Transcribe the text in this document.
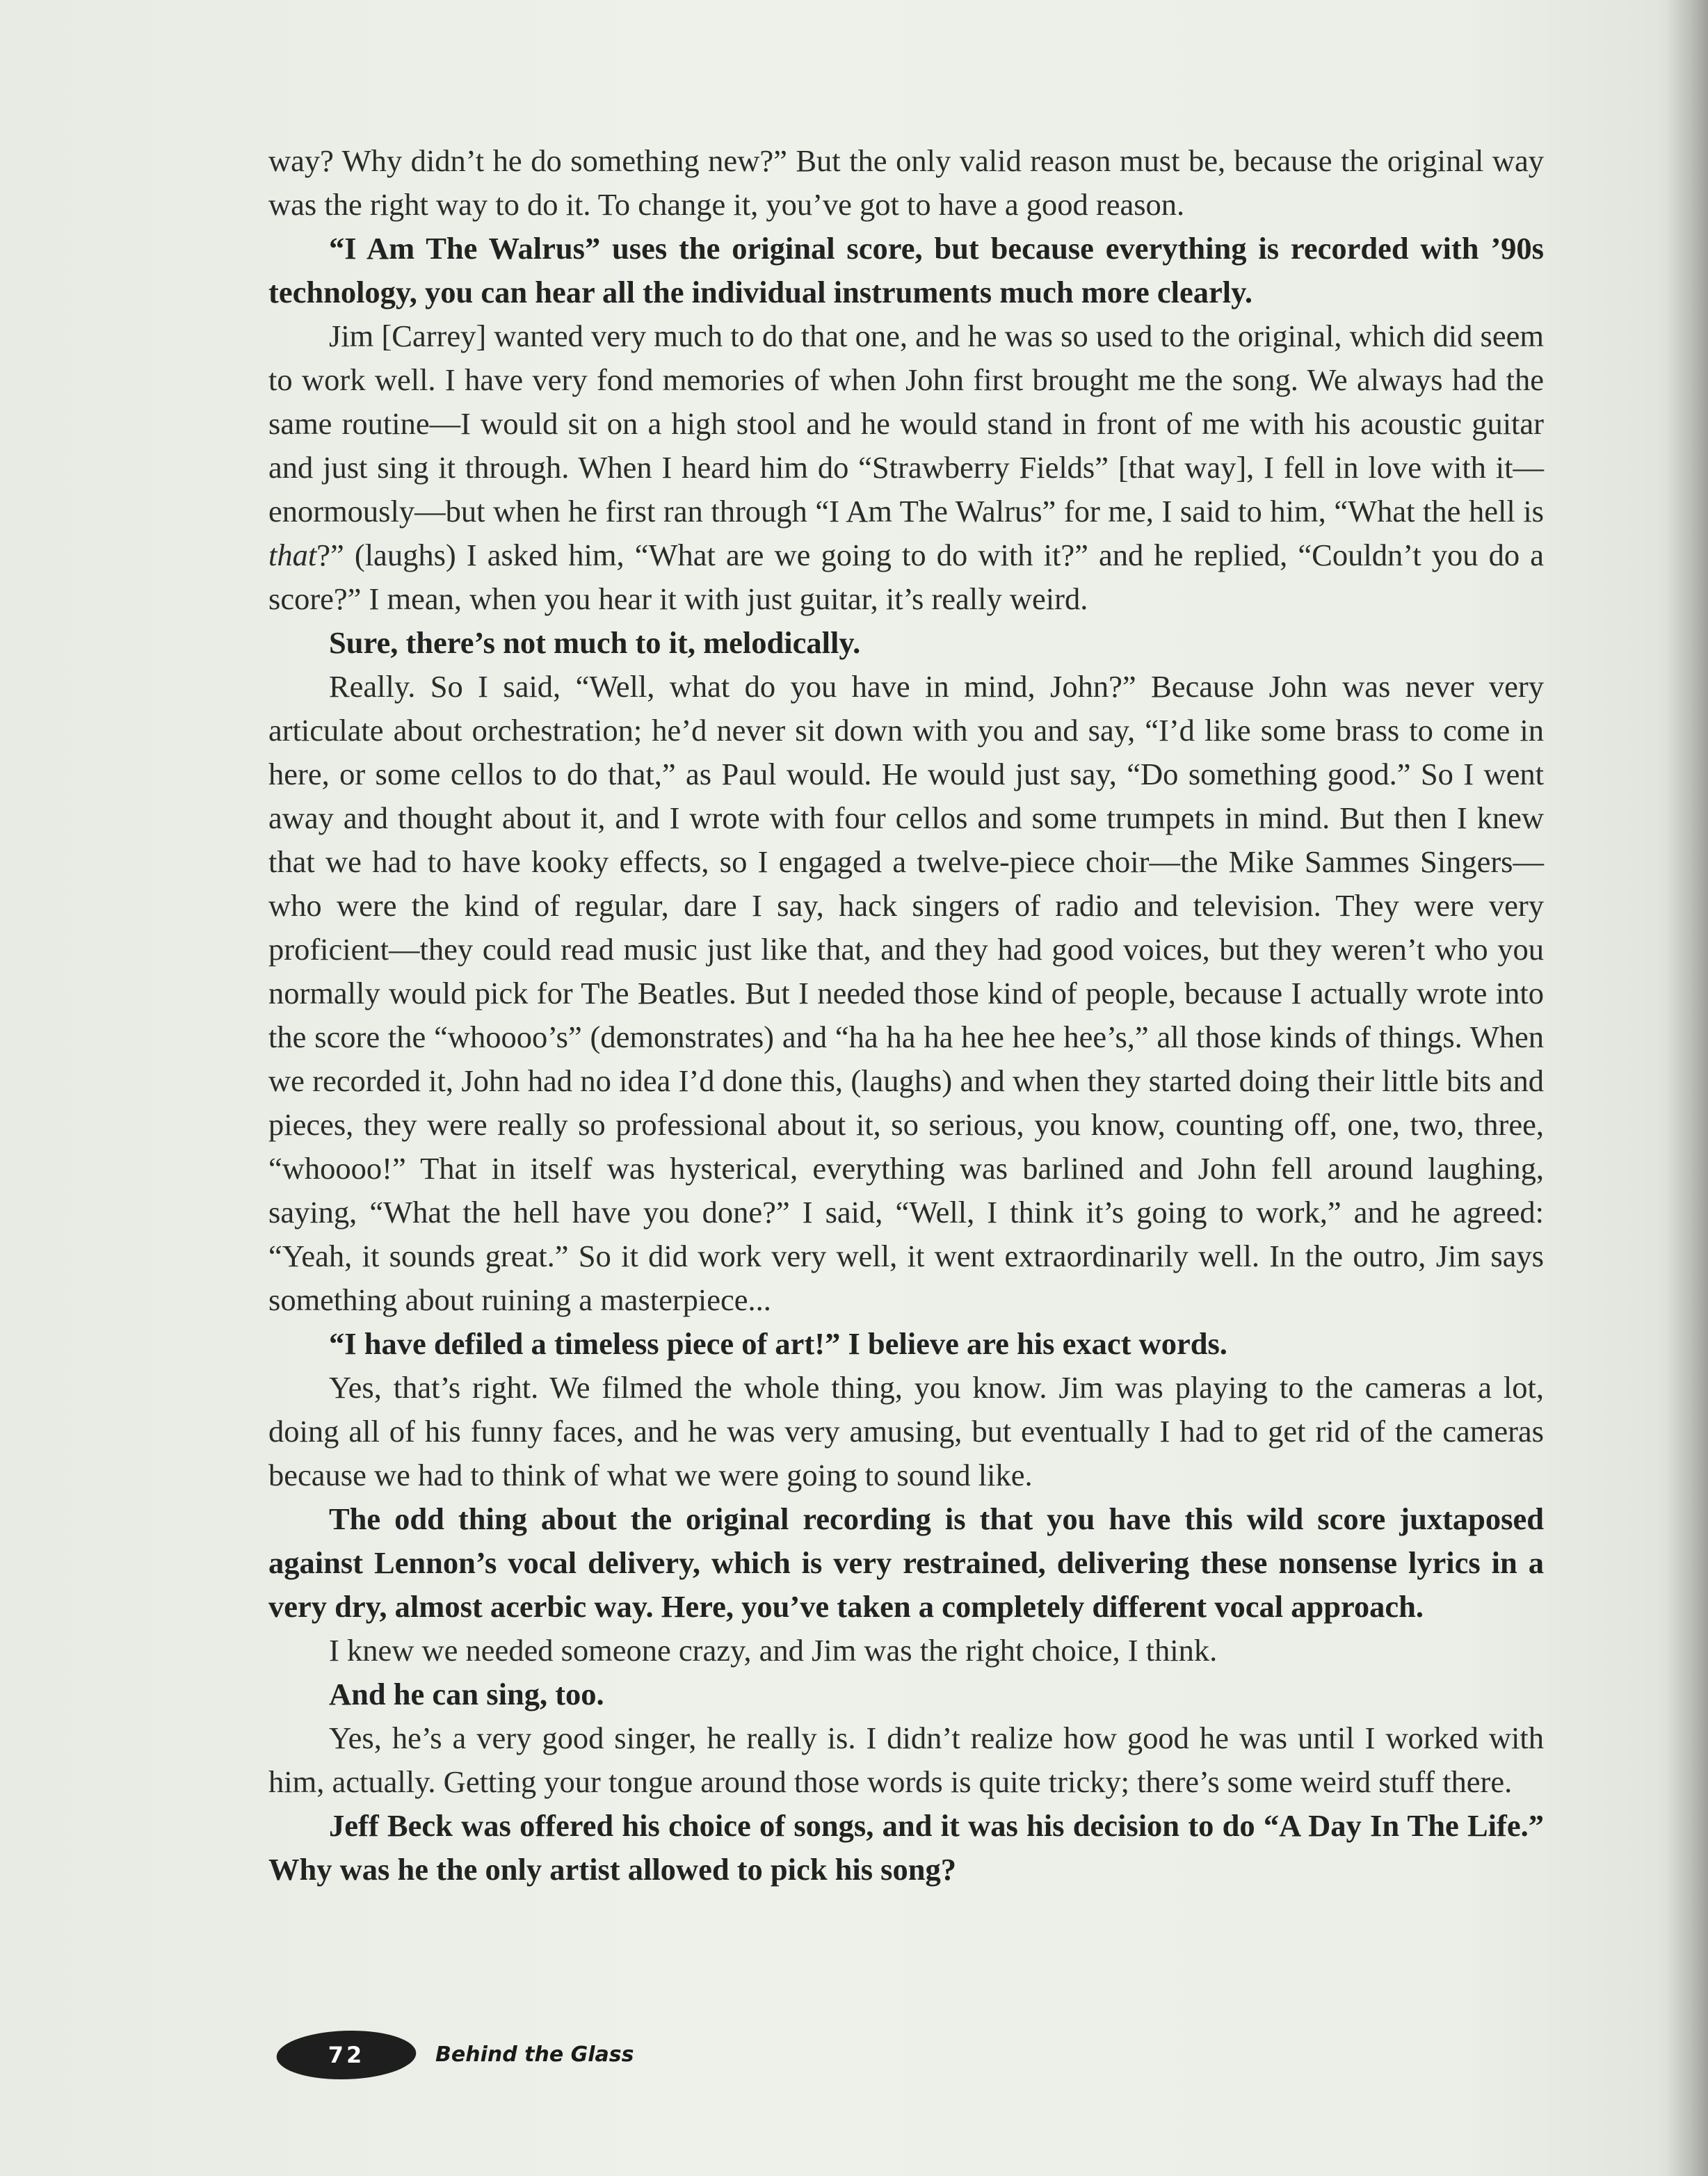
way? Why didn’t he do something new?” But the only valid reason must be, because the original way was the right way to do it. To change it, you’ve got to have a good reason.

“I Am The Walrus” uses the original score, but because everything is recorded with ’90s technology, you can hear all the individual instruments much more clearly.

Jim [Carrey] wanted very much to do that one, and he was so used to the original, which did seem to work well. I have very fond memories of when John first brought me the song. We always had the same routine—I would sit on a high stool and he would stand in front of me with his acoustic guitar and just sing it through. When I heard him do “Strawberry Fields” [that way], I fell in love with it—enormously—but when he first ran through “I Am The Walrus” for me, I said to him, “What the hell is that?” (laughs) I asked him, “What are we going to do with it?” and he replied, “Couldn’t you do a score?” I mean, when you hear it with just guitar, it’s really weird.

Sure, there’s not much to it, melodically.

Really. So I said, “Well, what do you have in mind, John?” Because John was never very articulate about orchestration; he’d never sit down with you and say, “I’d like some brass to come in here, or some cellos to do that,” as Paul would. He would just say, “Do something good.” So I went away and thought about it, and I wrote with four cellos and some trumpets in mind. But then I knew that we had to have kooky effects, so I engaged a twelve-piece choir—the Mike Sammes Singers—who were the kind of regular, dare I say, hack singers of radio and television. They were very proficient—they could read music just like that, and they had good voices, but they weren’t who you normally would pick for The Beatles. But I needed those kind of people, because I actually wrote into the score the “whoooo’s” (demonstrates) and “ha ha ha hee hee hee’s,” all those kinds of things. When we recorded it, John had no idea I’d done this, (laughs) and when they started doing their little bits and pieces, they were really so professional about it, so serious, you know, counting off, one, two, three, “whoooo!” That in itself was hysterical, everything was barlined and John fell around laughing, saying, “What the hell have you done?” I said, “Well, I think it’s going to work,” and he agreed: “Yeah, it sounds great.” So it did work very well, it went extraordinarily well. In the outro, Jim says something about ruining a masterpiece...

“I have defiled a timeless piece of art!” I believe are his exact words.

Yes, that’s right. We filmed the whole thing, you know. Jim was playing to the cameras a lot, doing all of his funny faces, and he was very amusing, but eventually I had to get rid of the cameras because we had to think of what we were going to sound like.

The odd thing about the original recording is that you have this wild score juxtaposed against Lennon’s vocal delivery, which is very restrained, delivering these nonsense lyrics in a very dry, almost acerbic way. Here, you’ve taken a completely different vocal approach.

I knew we needed someone crazy, and Jim was the right choice, I think.

And he can sing, too.

Yes, he’s a very good singer, he really is. I didn’t realize how good he was until I worked with him, actually. Getting your tongue around those words is quite tricky; there’s some weird stuff there.

Jeff Beck was offered his choice of songs, and it was his decision to do “A Day In The Life.” Why was he the only artist allowed to pick his song?

72	Behind the Glass
